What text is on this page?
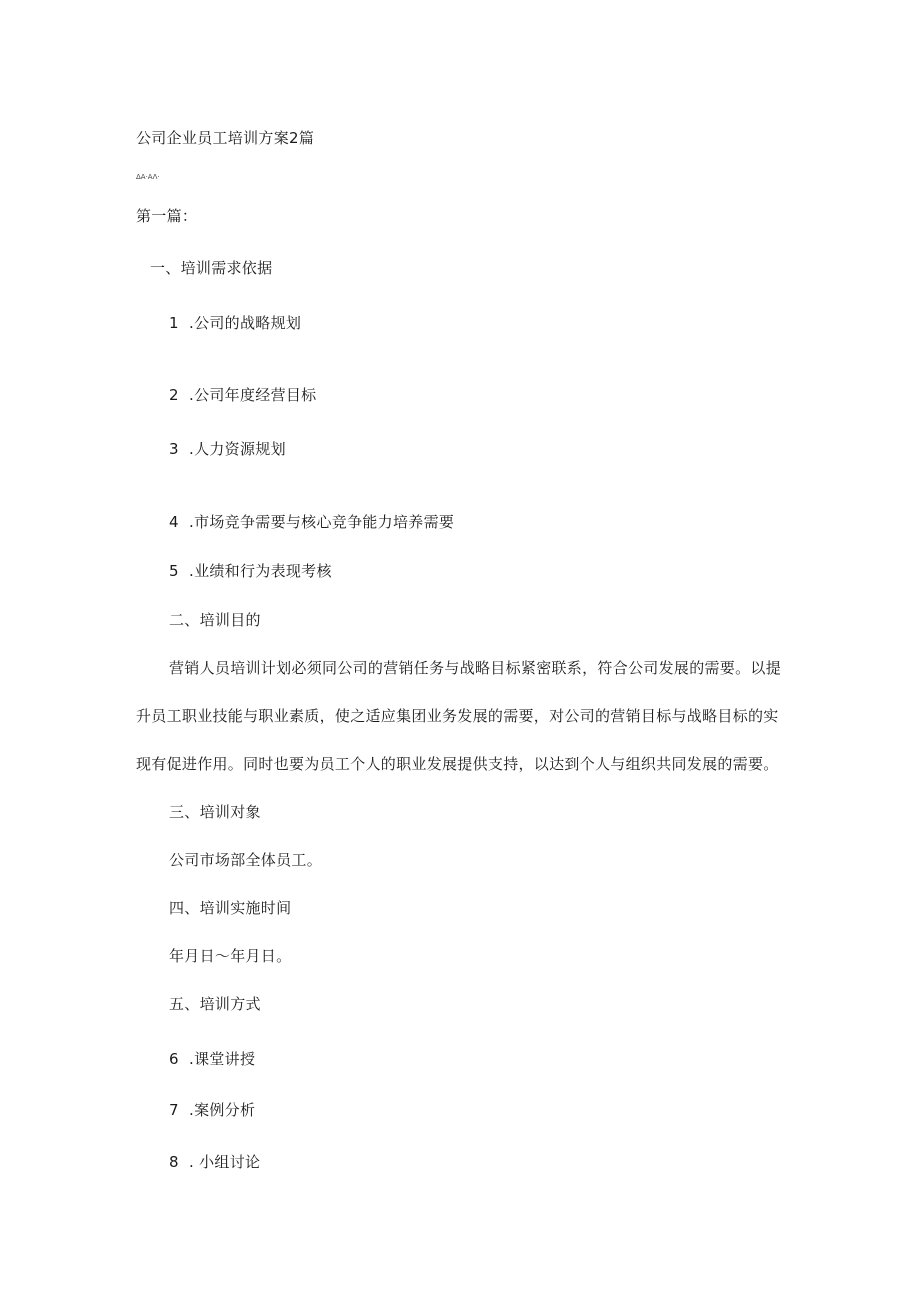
公司企业员工培训方案2篇
ΔA·AΛ·
第一篇：
一、培训需求依据
1 .公司的战略规划
2 .公司年度经营目标
3 .人力资源规划
4 .市场竞争需要与核心竞争能力培养需要
5 .业绩和行为表现考核
二、培训目的
营销人员培训计划必须同公司的营销任务与战略目标紧密联系，符合公司发展的需要。以提
升员工职业技能与职业素质，使之适应集团业务发展的需要，对公司的营销目标与战略目标的实
现有促进作用。同时也要为员工个人的职业发展提供支持，以达到个人与组织共同发展的需要。
三、培训对象
公司市场部全体员工。
四、培训实施时间
年月日～年月日。
五、培训方式
6 .课堂讲授
7 .案例分析
8 . 小组讨论
